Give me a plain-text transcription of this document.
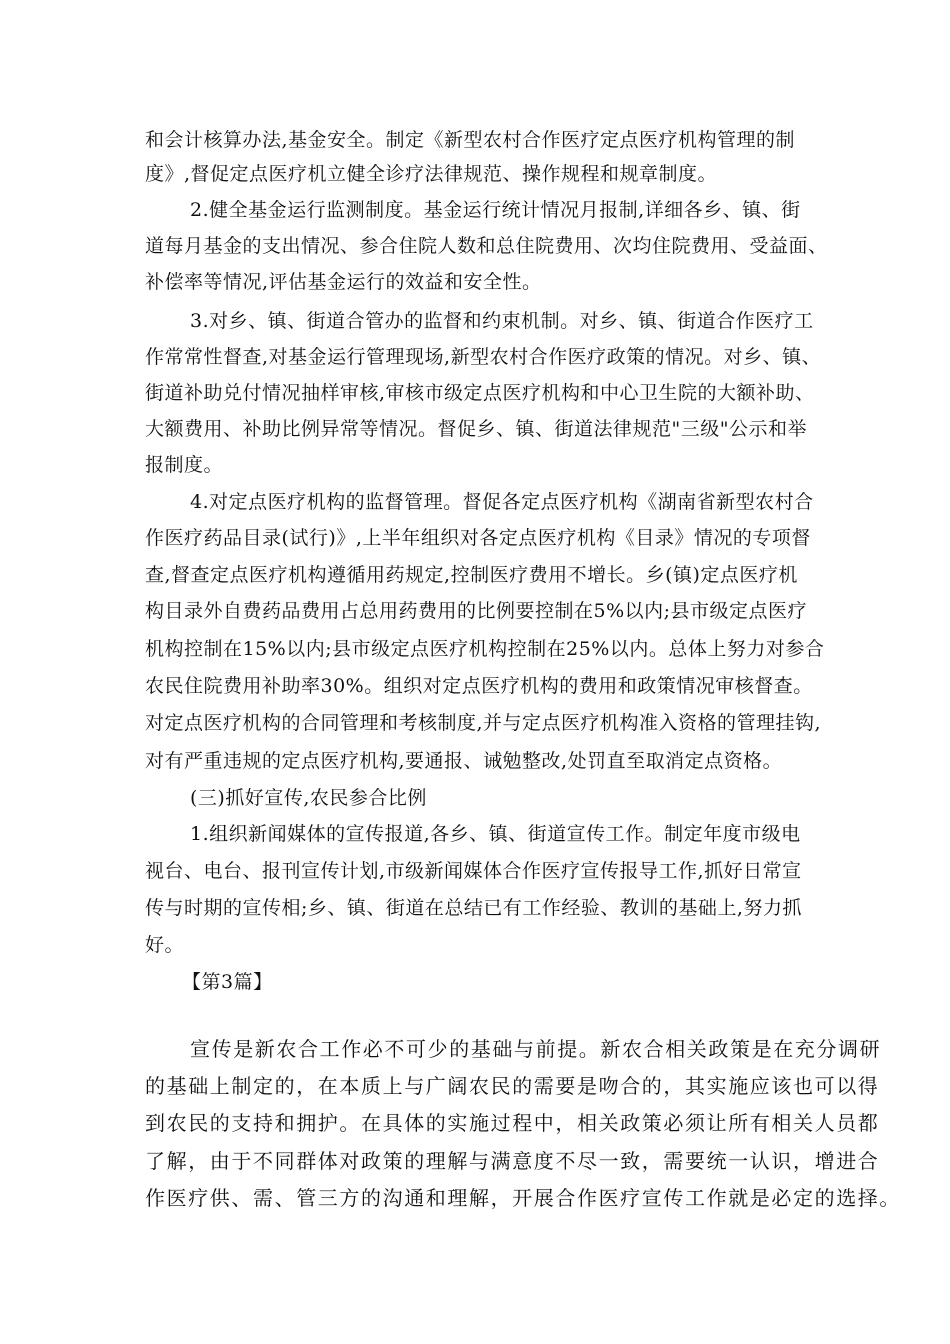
和会计核算办法,基金安全。制定《新型农村合作医疗定点医疗机构管理的制
度》,督促定点医疗机立健全诊疗法律规范、操作规程和规章制度。
2.健全基金运行监测制度。基金运行统计情况月报制,详细各乡、镇、街
道每月基金的支出情况、参合住院人数和总住院费用、次均住院费用、受益面、
补偿率等情况,评估基金运行的效益和安全性。
3.对乡、镇、街道合管办的监督和约束机制。对乡、镇、街道合作医疗工
作常常性督查,对基金运行管理现场,新型农村合作医疗政策的情况。对乡、镇、
街道补助兑付情况抽样审核,审核市级定点医疗机构和中心卫生院的大额补助、
大额费用、补助比例异常等情况。督促乡、镇、街道法律规范"三级"公示和举
报制度。
4.对定点医疗机构的监督管理。督促各定点医疗机构《湖南省新型农村合
作医疗药品目录(试行)》,上半年组织对各定点医疗机构《目录》情况的专项督
查,督查定点医疗机构遵循用药规定,控制医疗费用不增长。乡(镇)定点医疗机
构目录外自费药品费用占总用药费用的比例要控制在5%以内;县市级定点医疗
机构控制在15%以内;县市级定点医疗机构控制在25%以内。总体上努力对参合
农民住院费用补助率30%。组织对定点医疗机构的费用和政策情况审核督查。
对定点医疗机构的合同管理和考核制度,并与定点医疗机构准入资格的管理挂钩,
对有严重违规的定点医疗机构,要通报、诫勉整改,处罚直至取消定点资格。
(三)抓好宣传,农民参合比例
1.组织新闻媒体的宣传报道,各乡、镇、街道宣传工作。制定年度市级电
视台、电台、报刊宣传计划,市级新闻媒体合作医疗宣传报导工作,抓好日常宣
传与时期的宣传相;乡、镇、街道在总结已有工作经验、教训的基础上,努力抓
好。
【第3篇】
宣传是新农合工作必不可少的基础与前提。新农合相关政策是在充分调研
的基础上制定的，在本质上与广阔农民的需要是吻合的，其实施应该也可以得
到农民的支持和拥护。在具体的实施过程中，相关政策必须让所有相关人员都
了解，由于不同群体对政策的理解与满意度不尽一致，需要统一认识，增进合
作医疗供、需、管三方的沟通和理解，开展合作医疗宣传工作就是必定的选择。
